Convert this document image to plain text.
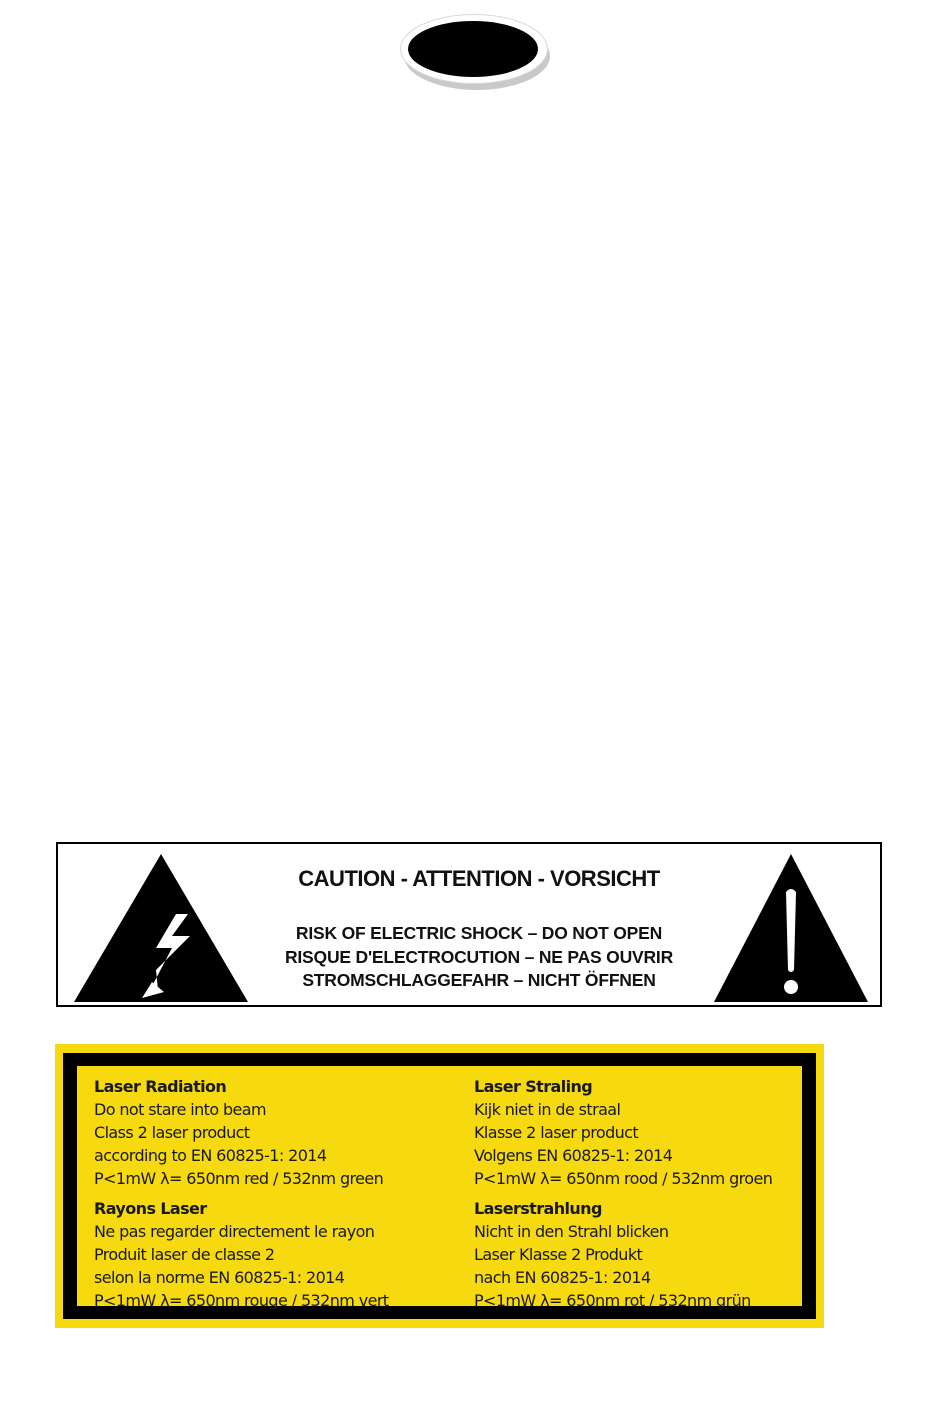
CAUTION - ATTENTION - VORSICHT
RISK OF ELECTRIC SHOCK – DO NOT OPEN
RISQUE D'ELECTROCUTION – NE PAS OUVRIR
STROMSCHLAGGEFAHR – NICHT ÖFFNEN
Laser Radiation
Do not stare into beam
Class 2 laser product
according to EN 60825-1: 2014
P<1mW λ= 650nm red / 532nm green
Laser Straling
Kijk niet in de straal
Klasse 2 laser product
Volgens EN 60825-1: 2014
P<1mW λ= 650nm rood / 532nm groen
Rayons Laser
Ne pas regarder directement le rayon
Produit laser de classe 2
selon la norme EN 60825-1: 2014
P<1mW λ= 650nm rouge / 532nm vert
Laserstrahlung
Nicht in den Strahl blicken
Laser Klasse 2 Produkt
nach EN 60825-1: 2014
P<1mW λ= 650nm rot / 532nm grün
